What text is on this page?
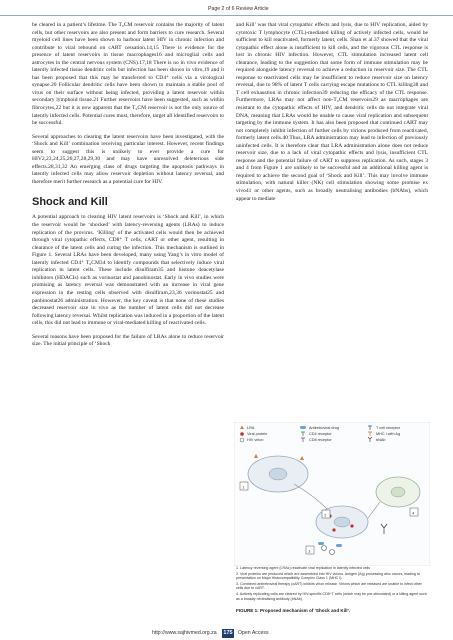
Page 2 of 6 Review Article

be cleared in a patient’s lifetime. The T₀CM reservoir contains the majority of latent cells, but other reservoirs are also present and form barriers to cure research. Several myeloid cell lines have been shown to harbour latent HIV in chronic infection and contribute to viral rebound on cART cessation.14,15 There is evidence for the presence of latent reservoirs in tissue macrophages16 and microglial cells and astrocytes in the central nervous system (CNS).17,18 There is no in vivo evidence of latently infected tissue dendritic cells but infection has been shown in vitro,19 and it has been proposed that this may be transferred to CD4⁺ cells via a virological synapse.20 Follicular dendritic cells have been shown to maintain a stable pool of virus on their surface without being infected, providing a latent reservoir within secondary lymphoid tissue.21 Further reservoirs have been suggested, such as within fibrocytes,22 but it is now apparent that the T₀CM reservoir is not the only source of latently infected cells. Potential cures must, therefore, target all identified reservoirs to be successful.

Several approaches to clearing the latent reservoirs have been investigated, with the ‘Shock and Kill’ combination receiving particular interest. However, recent findings seem to suggest this is unlikely to ever provide a cure for HIV2,23,24,25,26,27,28,29,30 and may have unresolved deleterious side effects.28,31,32 An emerging class of drugs targeting the apoptosis pathways in latently infected cells may allow reservoir depletion without latency reversal, and therefore merit further research as a potential cure for HIV.

Shock and Kill

A potential approach to clearing HIV latent reservoirs is ‘Shock and Kill’, in which the reservoir would be ‘shocked’ with latency-reversing agents (LRAs) to induce replication of the provirus. ‘Killing’ of the activated cells would then be achieved through viral cytopathic effects, CD8⁺ T cells, cART or other agent, resulting in clearance of the latent cells and curing the infection. This mechanism is outlined in Figure 1. Several LRAs have been developed, many using Yang’s in vitro model of latently infected CD4⁺ T₀CM34 to identify compounds that selectively induce viral replication in latent cells. These include disulfiram35 and histone deacetylase inhibitors (HDACIs) such as vorinostat and panobinostat. Early in vivo studies were promising as latency reversal was demonstrated with an increase in viral gene expression in the resting cells observed with disulfiram,23,36 vorinostat25 and panbinostat26 administration. However, the key caveat is that none of these studies decreased reservoir size in vivo as the number of latent cells did not decrease following latency reversal. Whilst replication was induced in a proportion of the latent cells, this did not lead to immune or viral-mediated killing of reactivated cells.

Several reasons have been proposed for the failure of LRAs alone to reduce reservoir size. The initial principle of ‘Shock

and Kill’ was that viral cytopathic effects and lysis, due to HIV replication, aided by cytotoxic T lymphocyte (CTL)-mediated killing of actively infected cells, would be sufficient to kill reactivated, formerly latent, cells. Shan et al.37 showed that the viral cytopathic effect alone is insufficient to kill cells, and the vigorous CTL response is lost in chronic HIV infection. However, CTL stimulation increased latent cell clearance, leading to the suggestion that some form of immune stimulation may be required alongside latency reversal to achieve a reduction in reservoir size. The CTL response to reactivated cells may be insufficient to reduce reservoir size on latency reversal, due to 98% of latent T cells carrying escape mutations to CTL killing38 and T cell exhaustion in chronic infection39 reducing the efficacy of the CTL response. Furthermore, LRAs may not affect non-T₀CM reservoirs29 as macrophages are resistant to the cytopathic effects of HIV, and dendritic cells do not integrate viral DNA, meaning that LRAs would be unable to cause viral replication and subsequent targeting by the immune system. It has also been proposed that continued cART may not completely inhibit infection of further cells by virions produced from reactivated, formerly latent cells.40 Thus, LRA administration may lead to infection of previously uninfected cells. It is therefore clear that LRA administration alone does not reduce reservoir size, due to a lack of viral cytopathic effects and lysis, insufficient CTL response and the potential failure of cART to suppress replication. As such, stages 3 and 4 from Figure 1 are unlikely to be successful and an additional killing agent is required to achieve the second goal of ‘Shock and Kill’. This may involve immune stimulation, with natural killer (NK) cell stimulation showing some promise ex vivo41 or other agents, such as broadly neutralising antibodies (bNAbs), which appear to mediate

LRA
Viral protein
HIV virion
Antiretroviral drug
CD4 receptor
CD8 receptor
T cell receptor
MHC I with Ag
bNAb
1
2
3
4
1. Latency reversing agent (LRAs) reactivate viral replication in latently infected cells
2. Viral proteins are produced which are assembled into HIV virions. Antigen (Ag) processing also occurs, leading to presentation on Major Histocompatibility Complex Class 1 (MHC I).
3. Combined antiretroviral therapy (cART) inhibits virion release. Virions which are released are unable to infect other cells due to cART.
4. Actively replicating cells are cleared by HIV-specific CD8⁺T cells (which may be pre-stimulated) or a killing agent such as a broadly neutralising antibody (bNAb).
FIGURE 1: Proposed mechanism of ‘Shock and Kill’.
http://www.sajhivmed.org.za 175 Open Access
